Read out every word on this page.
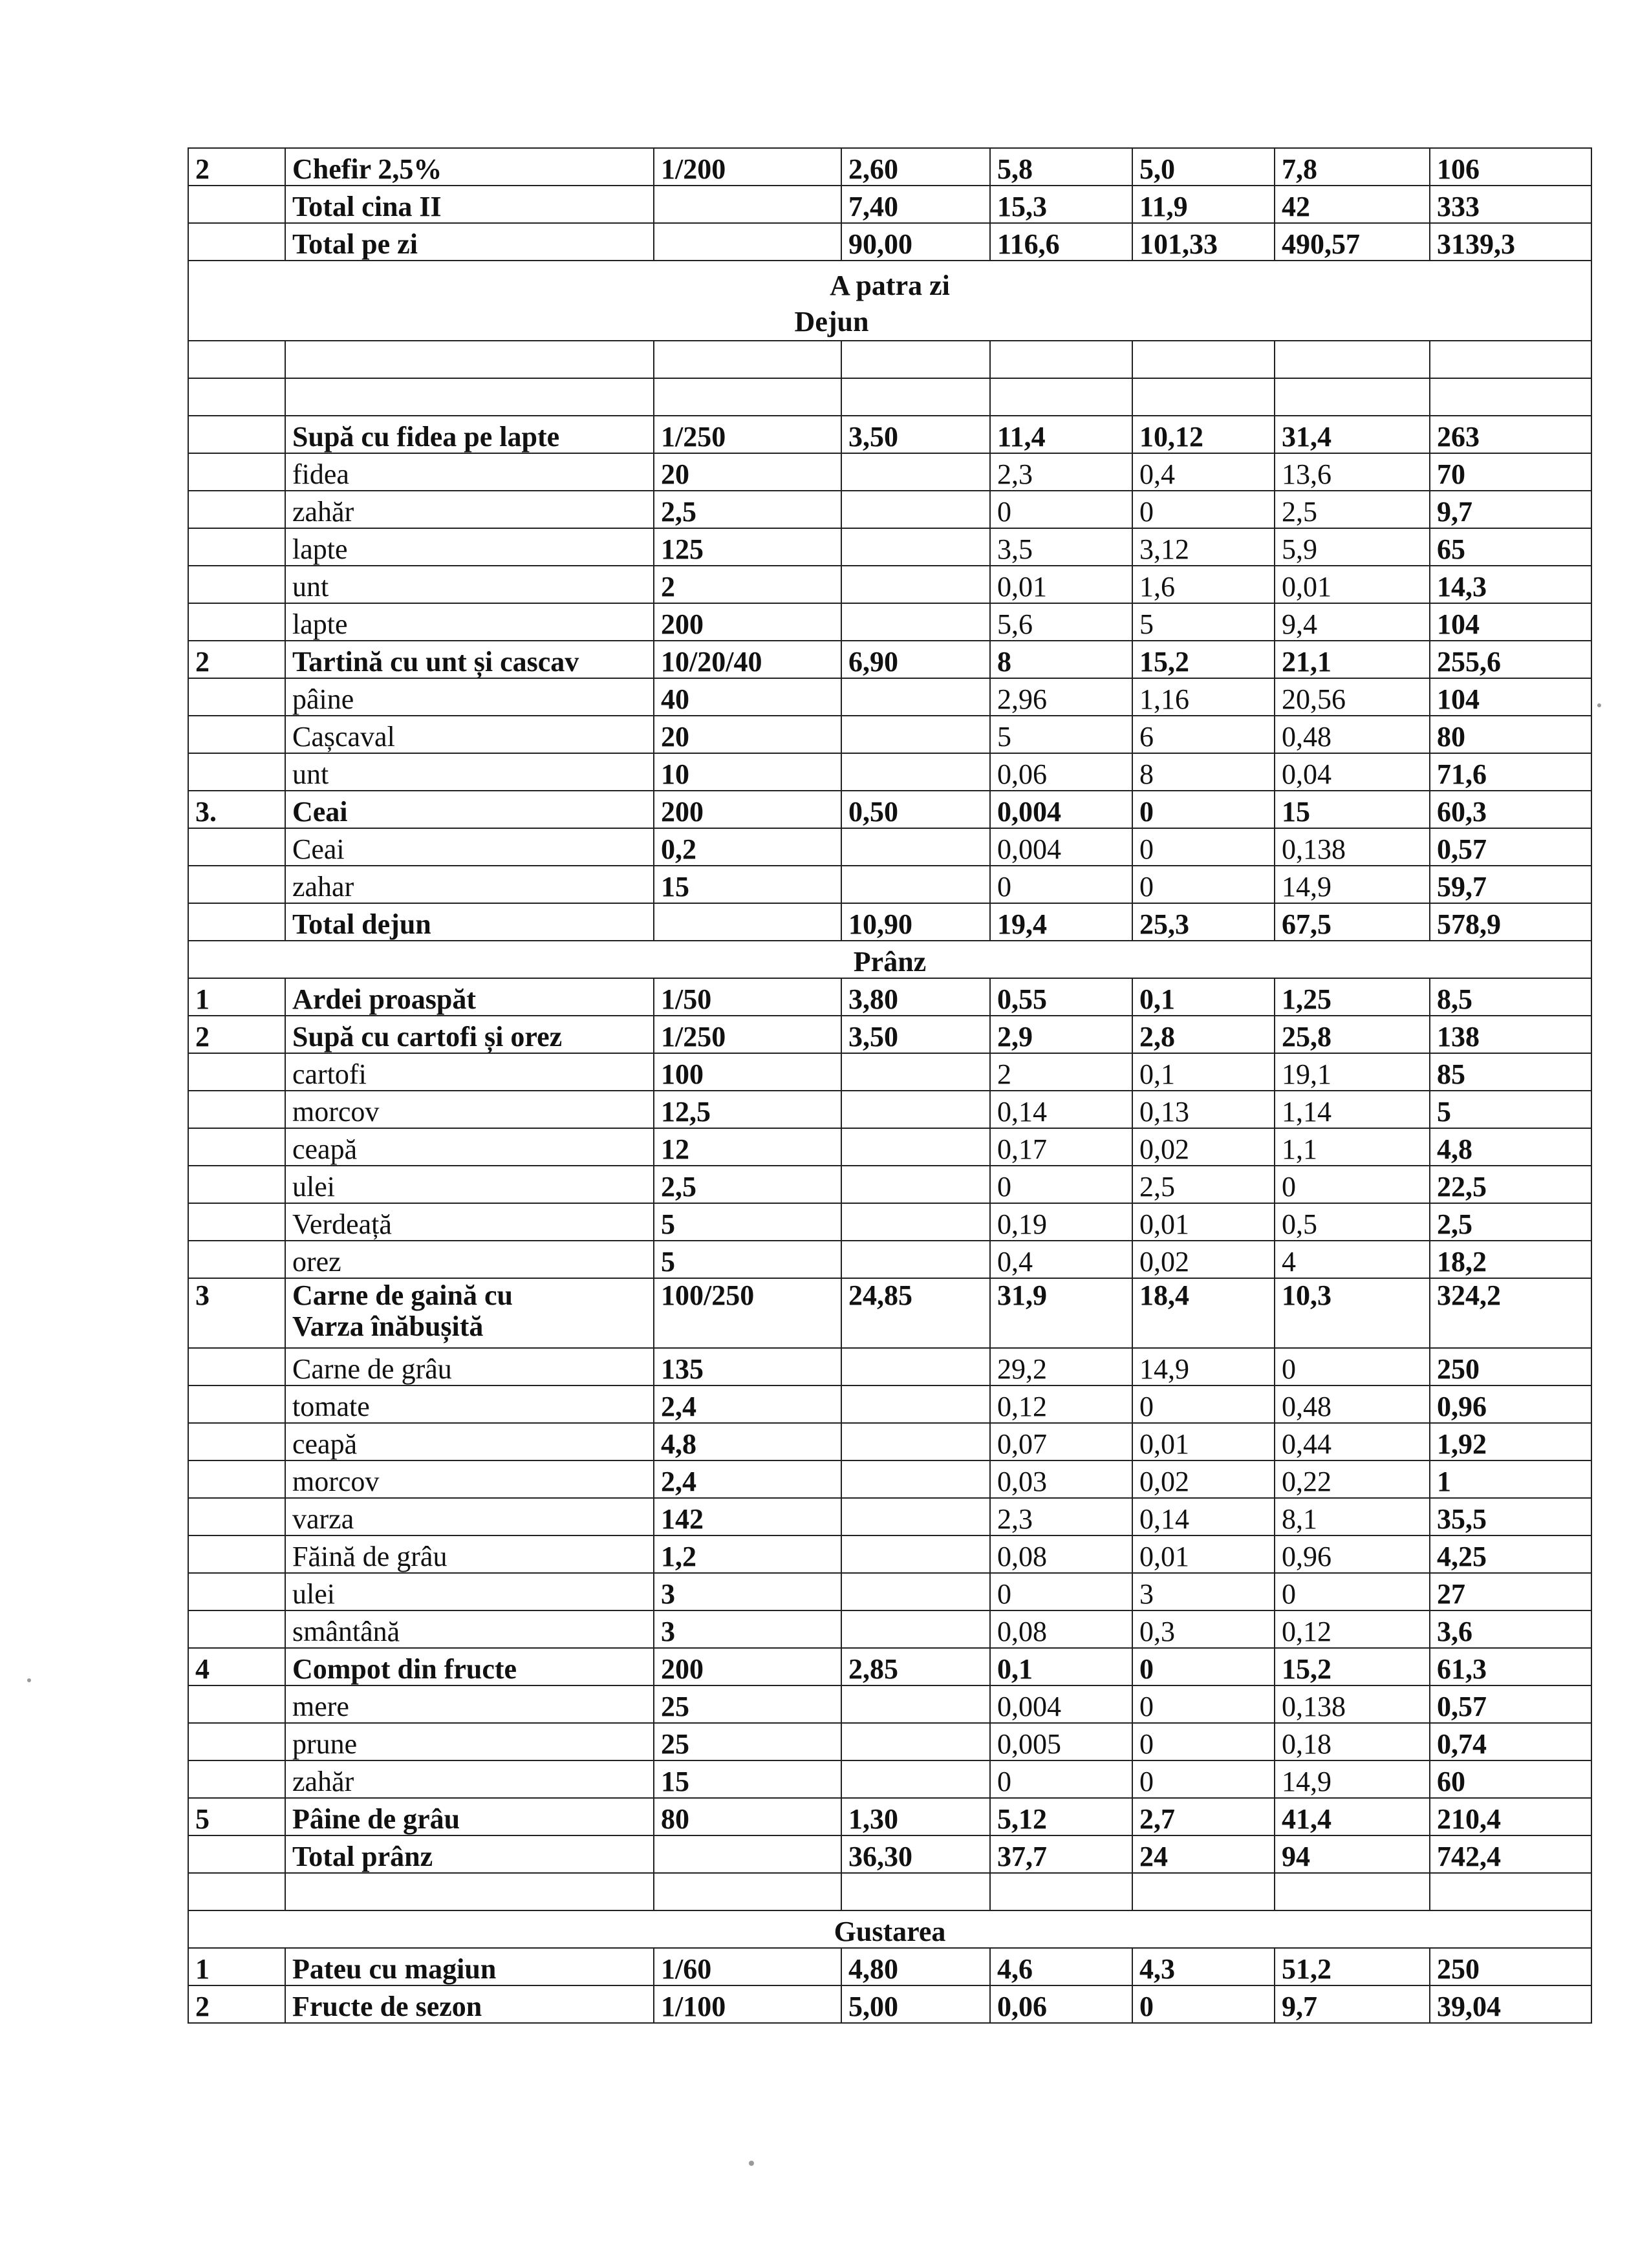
2	Chefir 2,5%	1/200	2,60	5,8	5,0	7,8	106
	Total cina II		7,40	15,3	11,9	42	333
	Total pe zi		90,00	116,6	101,33	490,57	3139,3

A patra zi
Dejun							

	Supă cu fidea pe lapte	1/250	3,50	11,4	10,12	31,4	263
	fidea	20		2,3	0,4	13,6	70
	zahăr	2,5		0	0	2,5	9,7
	lapte	125		3,5	3,12	5,9	65
	unt	2		0,01	1,6	0,01	14,3
	lapte	200		5,6	5	9,4	104
2	Tartină cu unt și cascav	10/20/40	6,90	8	15,2	21,1	255,6
	pâine	40		2,96	1,16	20,56	104
	Cașcaval	20		5	6	0,48	80
	unt	10		0,06	8	0,04	71,6
3.	Ceai	200	0,50	0,004	0	15	60,3
	Ceai	0,2		0,004	0	0,138	0,57
	zahar	15		0	0	14,9	59,7
	Total dejun		10,90	19,4	25,3	67,5	578,9
Prânz							
1	Ardei proaspăt	1/50	3,80	0,55	0,1	1,25	8,5
2	Supă cu cartofi și orez	1/250	3,50	2,9	2,8	25,8	138
	cartofi	100		2	0,1	19,1	85
	morcov	12,5		0,14	0,13	1,14	5
	ceapă	12		0,17	0,02	1,1	4,8
	ulei	2,5		0	2,5	0	22,5
	Verdeață	5		0,19	0,01	0,5	2,5
	orez	5		0,4	0,02	4	18,2
3	Carne de gaină cu
Varza înăbușită	100/250	24,85	31,9	18,4	10,3	324,2
	Carne de grâu	135		29,2	14,9	0	250
	tomate	2,4		0,12	0	0,48	0,96
	ceapă	4,8		0,07	0,01	0,44	1,92
	morcov	2,4		0,03	0,02	0,22	1
	varza	142		2,3	0,14	8,1	35,5
	Făină de grâu	1,2		0,08	0,01	0,96	4,25
	ulei	3		0	3	0	27
	smântână	3		0,08	0,3	0,12	3,6
4	Compot din fructe	200	2,85	0,1	0	15,2	61,3
	mere	25		0,004	0	0,138	0,57
	prune	25		0,005	0	0,18	0,74
	zahăr	15		0	0	14,9	60
5	Pâine de grâu	80	1,30	5,12	2,7	41,4	210,4
	Total prânz		36,30	37,7	24	94	742,4

Gustarea							
1	Pateu cu magiun	1/60	4,80	4,6	4,3	51,2	250
2	Fructe de sezon	1/100	5,00	0,06	0	9,7	39,04
